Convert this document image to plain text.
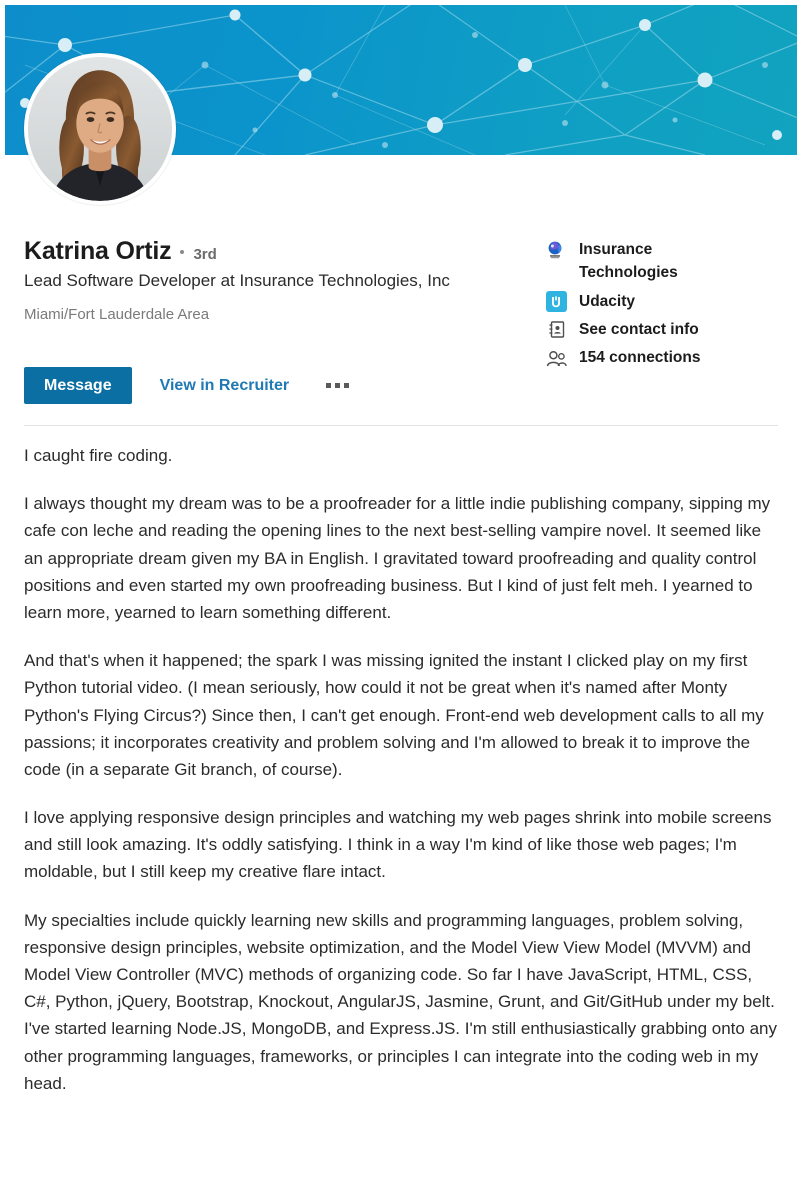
Katrina Ortiz 3rd

Lead Software Developer at Insurance Technologies, Inc

Miami/Fort Lauderdale Area
Message	View in Recruiter
Insurance Technologies
Udacity
See contact info
154 connections

I caught fire coding.

I always thought my dream was to be a proofreader for a little indie publishing company, sipping my cafe con leche and reading the opening lines to the next best-selling vampire novel. It seemed like an appropriate dream given my BA in English. I gravitated toward proofreading and quality control positions and even started my own proofreading business. But I kind of just felt meh. I yearned to learn more, yearned to learn something different.

And that's when it happened; the spark I was missing ignited the instant I clicked play on my first Python tutorial video. (I mean seriously, how could it not be great when it's named after Monty Python's Flying Circus?) Since then, I can't get enough. Front-end web development calls to all my passions; it incorporates creativity and problem solving and I'm allowed to break it to improve the code (in a separate Git branch, of course).

I love applying responsive design principles and watching my web pages shrink into mobile screens and still look amazing. It's oddly satisfying. I think in a way I'm kind of like those web pages; I'm moldable, but I still keep my creative flare intact.

My specialties include quickly learning new skills and programming languages, problem solving, responsive design principles, website optimization, and the Model View View Model (MVVM) and Model View Controller (MVC) methods of organizing code. So far I have JavaScript, HTML, CSS, C#, Python, jQuery, Bootstrap, Knockout, AngularJS, Jasmine, Grunt, and Git/GitHub under my belt. I've started learning Node.JS, MongoDB, and Express.JS. I'm still enthusiastically grabbing onto any other programming languages, frameworks, or principles I can integrate into the coding web in my head.
